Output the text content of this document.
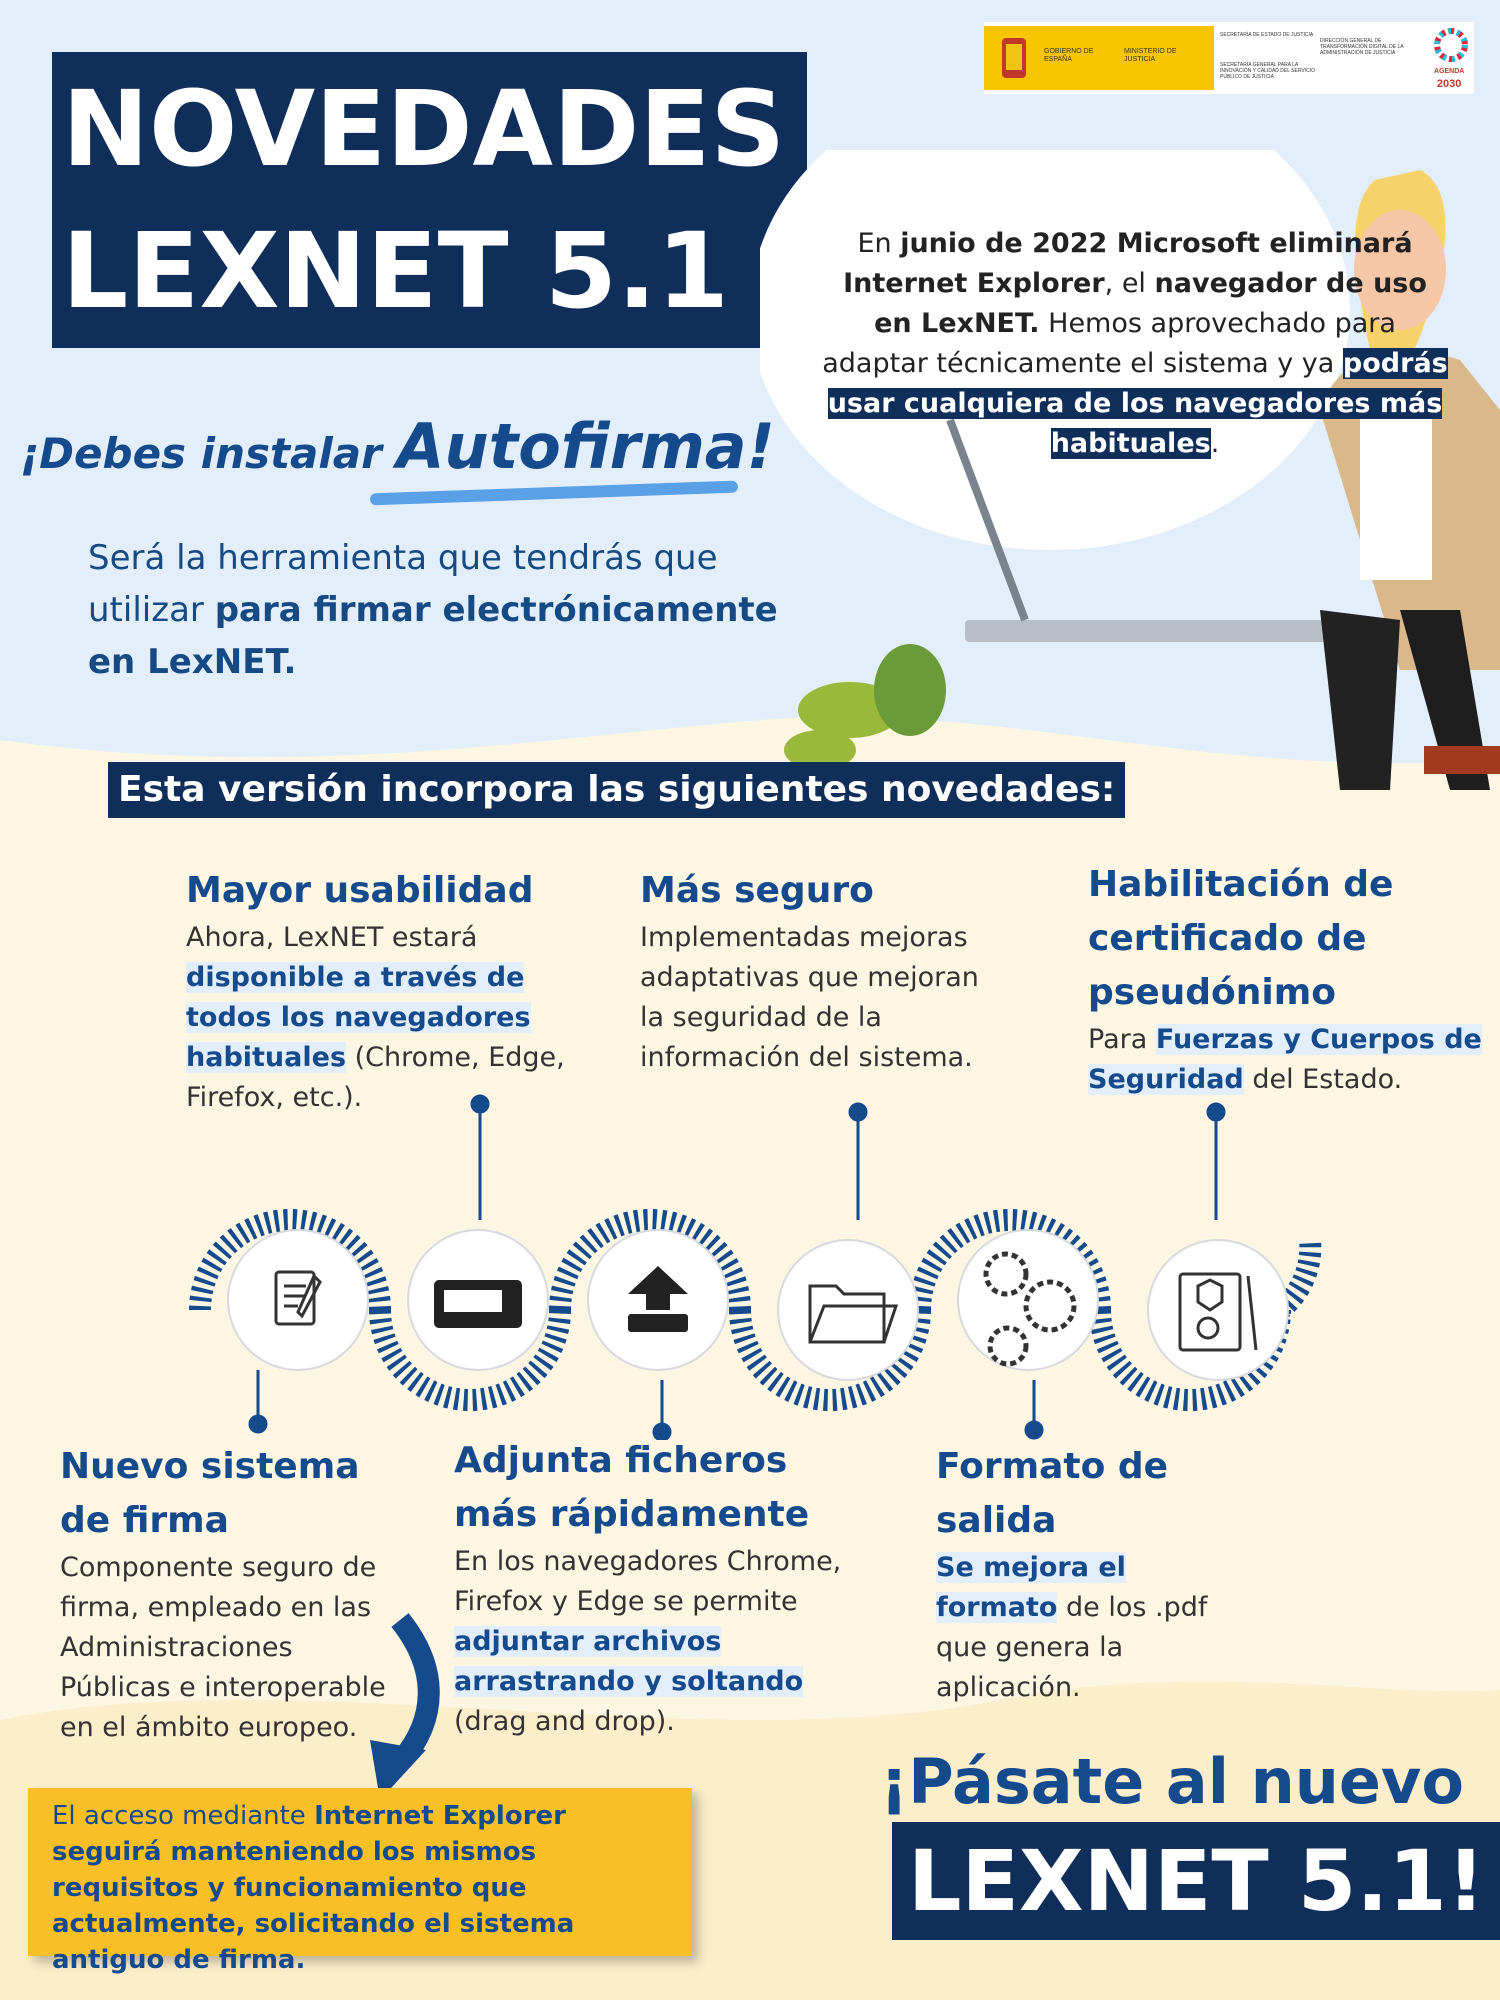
GOBIERNO DE ESPAÑA
MINISTERIO DE JUSTICIA
SECRETARÍA DE ESTADO DE JUSTICIA
SECRETARÍA GENERAL PARA LA INNOVACIÓN Y CALIDAD DEL SERVICIO PÚBLICO DE JUSTICIA
DIRECCIÓN GENERAL DE TRANSFORMACIÓN DIGITAL DE LA ADMINISTRACIÓN DE JUSTICIA
AGENDA
2030
NOVEDADES
LEXNET 5.1
¡Debes instalar Autofirma!
Será la herramienta que tendrás que utilizar para firmar electrónicamente en LexNET.
En junio de 2022 Microsoft eliminará Internet Explorer, el navegador de uso en LexNET. Hemos aprovechado para adaptar técnicamente el sistema y ya podrás usar cualquiera de los navegadores más habituales.
Esta versión incorpora las siguientes novedades:
Mayor usabilidad
Ahora, LexNET estará disponible a través de todos los navegadores habituales (Chrome, Edge, Firefox, etc.).
Más seguro
Implementadas mejoras adaptativas que mejoran la seguridad de la información del sistema.
Habilitación de certificado de pseudónimo
Para Fuerzas y Cuerpos de Seguridad del Estado.
Nuevo sistema de firma
Componente seguro de firma, empleado en las Administraciones Públicas e interoperable en el ámbito europeo.
Adjunta ficheros más rápidamente
En los navegadores Chrome, Firefox y Edge se permite adjuntar archivos arrastrando y soltando (drag and drop).
Formato de salida
Se mejora el formato de los .pdf que genera la aplicación.
El acceso mediante Internet Explorer seguirá manteniendo los mismos requisitos y funcionamiento que actualmente, solicitando el sistema antiguo de firma.
¡Pásate al nuevo
LEXNET 5.1!
